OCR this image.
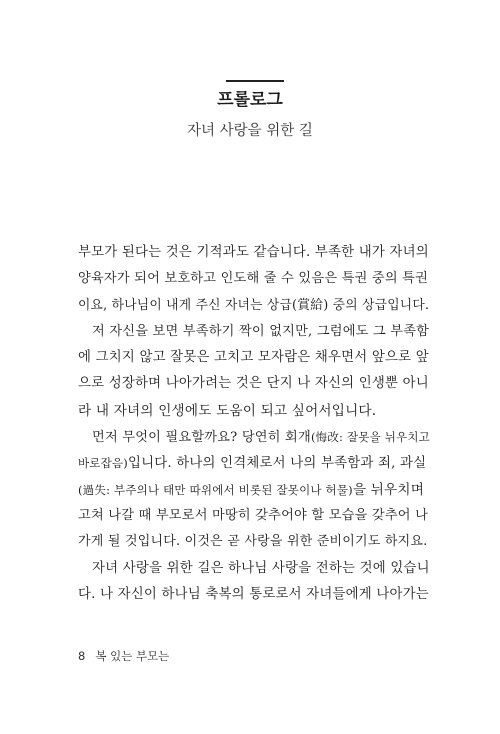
프롤로그
자녀 사랑을 위한 길
부모가 된다는 것은 기적과도 같습니다. 부족한 내가 자녀의
양육자가 되어 보호하고 인도해 줄 수 있음은 특권 중의 특권
이요, 하나님이 내게 주신 자녀는 상급(賞給) 중의 상급입니다.
저 자신을 보면 부족하기 짝이 없지만, 그럼에도 그 부족함
에 그치지 않고 잘못은 고치고 모자람은 채우면서 앞으로 앞
으로 성장하며 나아가려는 것은 단지 나 자신의 인생뿐 아니
라 내 자녀의 인생에도 도움이 되고 싶어서입니다.
먼저 무엇이 필요할까요? 당연히 회개(悔改: 잘못을 뉘우치고
바로잡음)입니다. 하나의 인격체로서 나의 부족함과 죄, 과실
(過失: 부주의나 태만 따위에서 비롯된 잘못이나 허물)을 뉘우치며
고쳐 나갈 때 부모로서 마땅히 갖추어야 할 모습을 갖추어 나
가게 될 것입니다. 이것은 곧 사랑을 위한 준비이기도 하지요.
자녀 사랑을 위한 길은 하나님 사랑을 전하는 것에 있습니
다. 나 자신이 하나님 축복의 통로로서 자녀들에게 나아가는
8 복 있는 부모는
